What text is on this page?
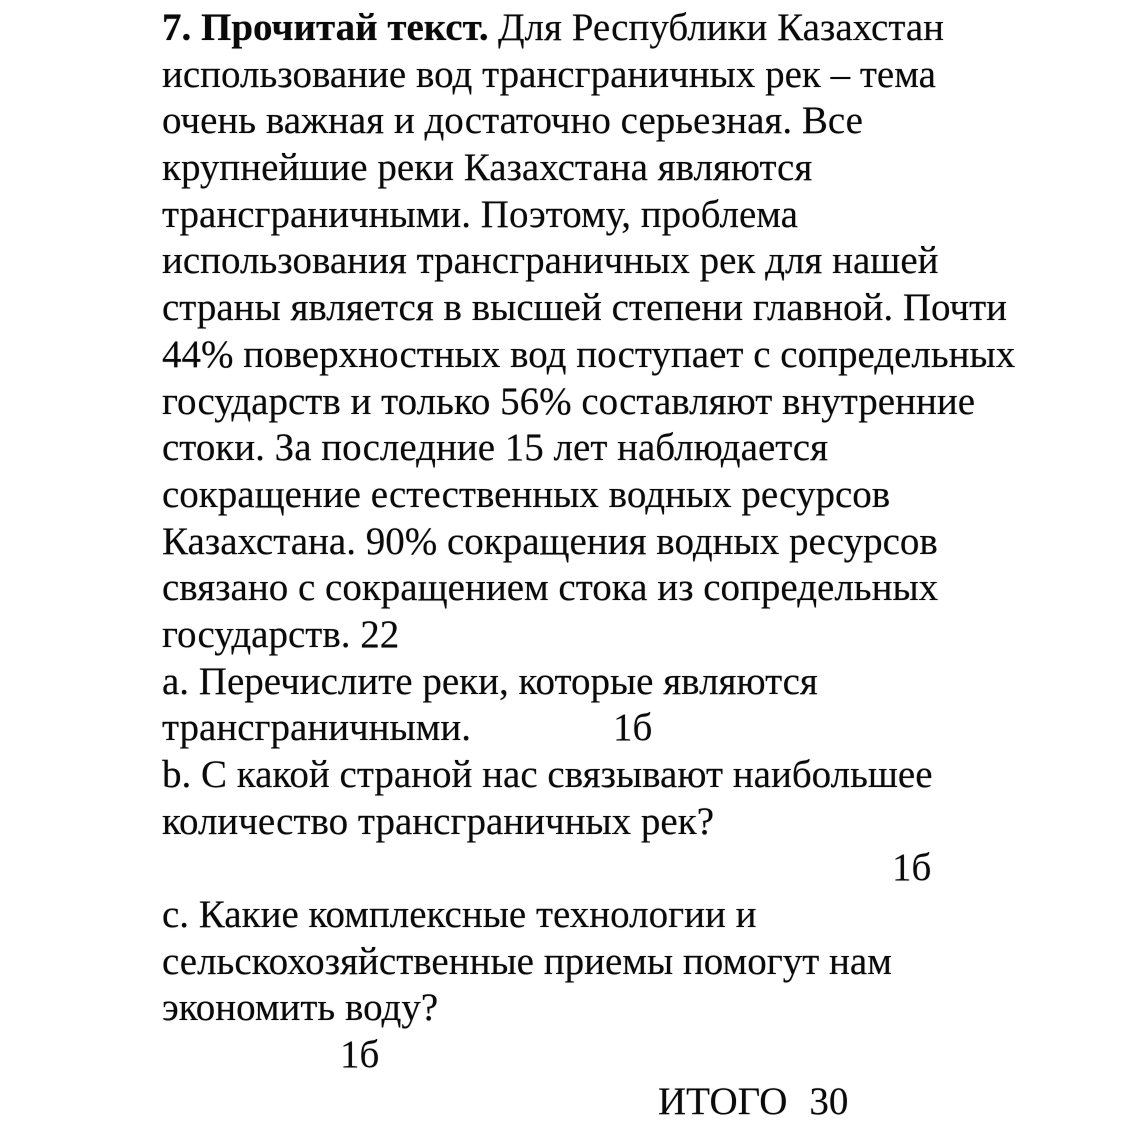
7. Прочитай текст. Для Республики Казахстан
использование вод трансграничных рек – тема
очень важная и достаточно серьезная. Все
крупнейшие реки Казахстана являются
трансграничными. Поэтому, проблема
использования трансграничных рек для нашей
страны является в высшей степени главной. Почти
44% поверхностных вод поступает с сопредельных
государств и только 56% составляют внутренние
стоки. За последние 15 лет наблюдается
сокращение естественных водных ресурсов
Казахстана. 90% сокращения водных ресурсов
связано с сокращением стока из сопредельных
государств. 22
a. Перечислите реки, которые являются
трансграничными.	1б
b. С какой страной нас связывают наибольшее
количество трансграничных рек?
1б
c. Какие комплексные технологии и
сельскохозяйственные приемы помогут нам
экономить воду?
1б
ИТОГО 30
